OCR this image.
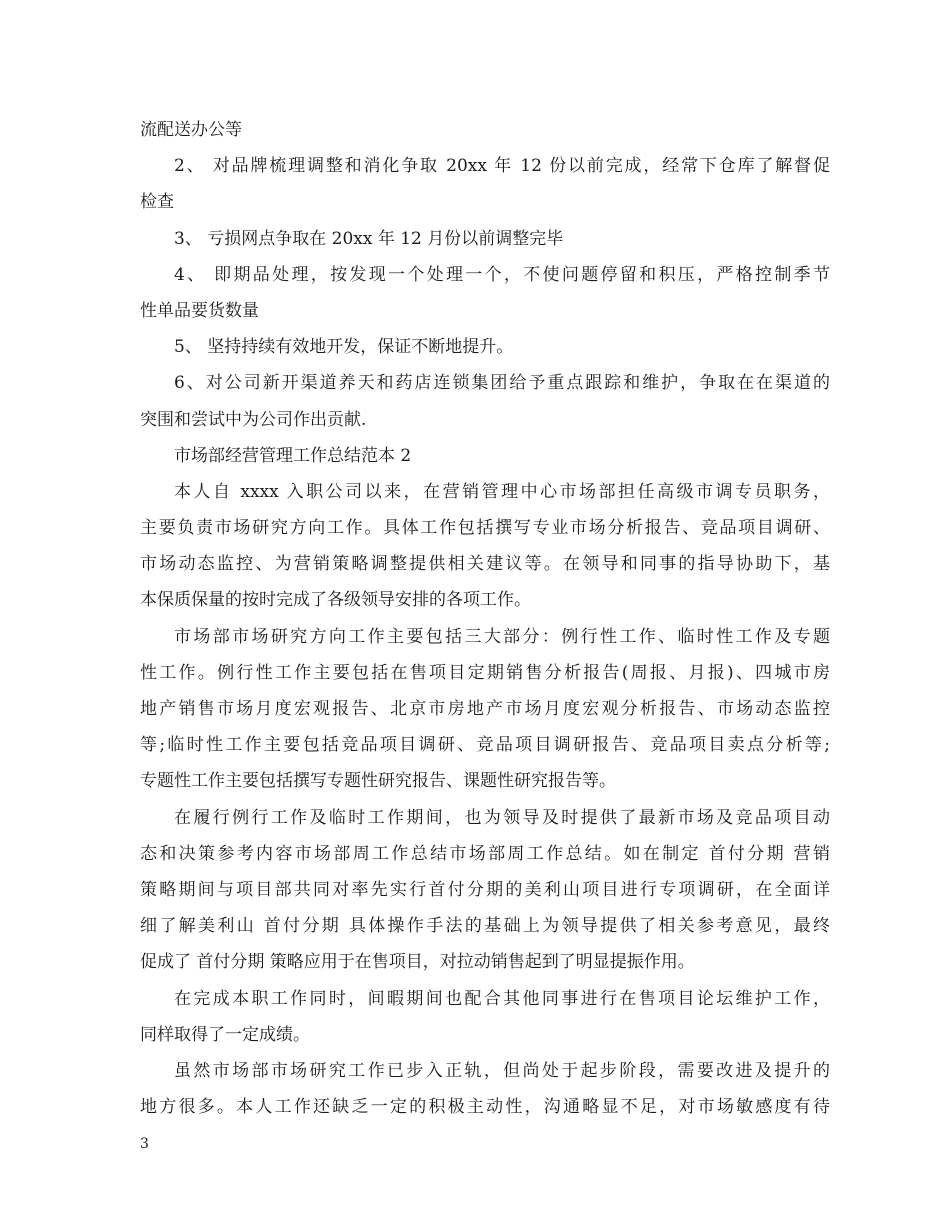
流配送办公等
2、 对品牌梳理调整和消化争取 20xx 年 12 份以前完成，经常下仓库了解督促
检查
3、 亏损网点争取在 20xx 年 12 月份以前调整完毕
4、 即期品处理，按发现一个处理一个，不使问题停留和积压，严格控制季节
性单品要货数量
5、 坚持持续有效地开发，保证不断地提升。
6、对公司新开渠道养天和药店连锁集团给予重点跟踪和维护，争取在在渠道的
突围和尝试中为公司作出贡献.
市场部经营管理工作总结范本 2
本人自 xxxx 入职公司以来，在营销管理中心市场部担任高级市调专员职务，
主要负责市场研究方向工作。具体工作包括撰写专业市场分析报告、竞品项目调研、
市场动态监控、为营销策略调整提供相关建议等。在领导和同事的指导协助下，基
本保质保量的按时完成了各级领导安排的各项工作。
市场部市场研究方向工作主要包括三大部分：例行性工作、临时性工作及专题
性工作。例行性工作主要包括在售项目定期销售分析报告(周报、月报)、四城市房
地产销售市场月度宏观报告、北京市房地产市场月度宏观分析报告、市场动态监控
等;临时性工作主要包括竞品项目调研、竞品项目调研报告、竞品项目卖点分析等;
专题性工作主要包括撰写专题性研究报告、课题性研究报告等。
在履行例行工作及临时工作期间，也为领导及时提供了最新市场及竞品项目动
态和决策参考内容市场部周工作总结市场部周工作总结。如在制定 首付分期 营销
策略期间与项目部共同对率先实行首付分期的美利山项目进行专项调研，在全面详
细了解美利山 首付分期 具体操作手法的基础上为领导提供了相关参考意见，最终
促成了 首付分期 策略应用于在售项目，对拉动销售起到了明显提振作用。
在完成本职工作同时，间暇期间也配合其他同事进行在售项目论坛维护工作，
同样取得了一定成绩。
虽然市场部市场研究工作已步入正轨，但尚处于起步阶段，需要改进及提升的
地方很多。本人工作还缺乏一定的积极主动性，沟通略显不足，对市场敏感度有待
3
